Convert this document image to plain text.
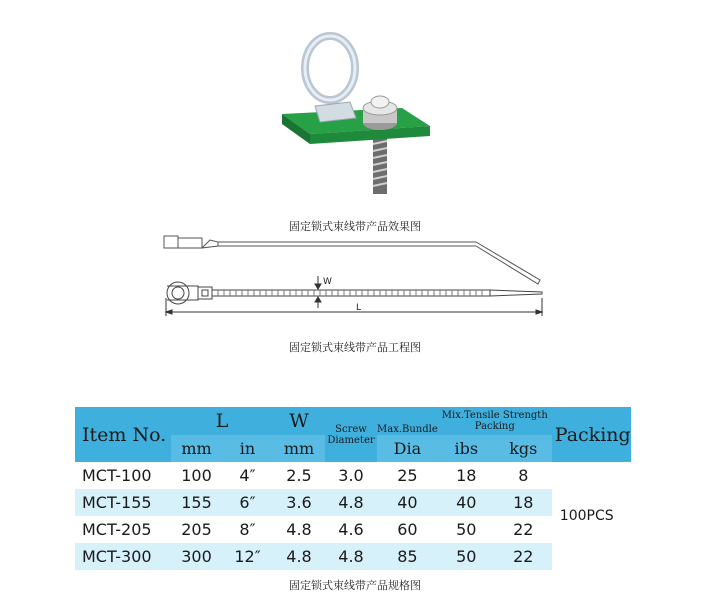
固定锁式束线带产品效果图
W
L
固定锁式束线带产品工程图
Item No.	L		W	Screw Diameter	Max.Bundle	Mix.Tensile Strength Packing		Packing
	mm	in	mm		Dia	ibs	kgs	
MCT-100	100	4″	2.5	3.0	25	18	8	100PCS
MCT-155	155	6″	3.6	4.8	40	40	18	
MCT-205	205	8″	4.8	4.6	60	50	22	
MCT-300	300	12″	4.8	4.8	85	50	22	
固定锁式束线带产品规格图
